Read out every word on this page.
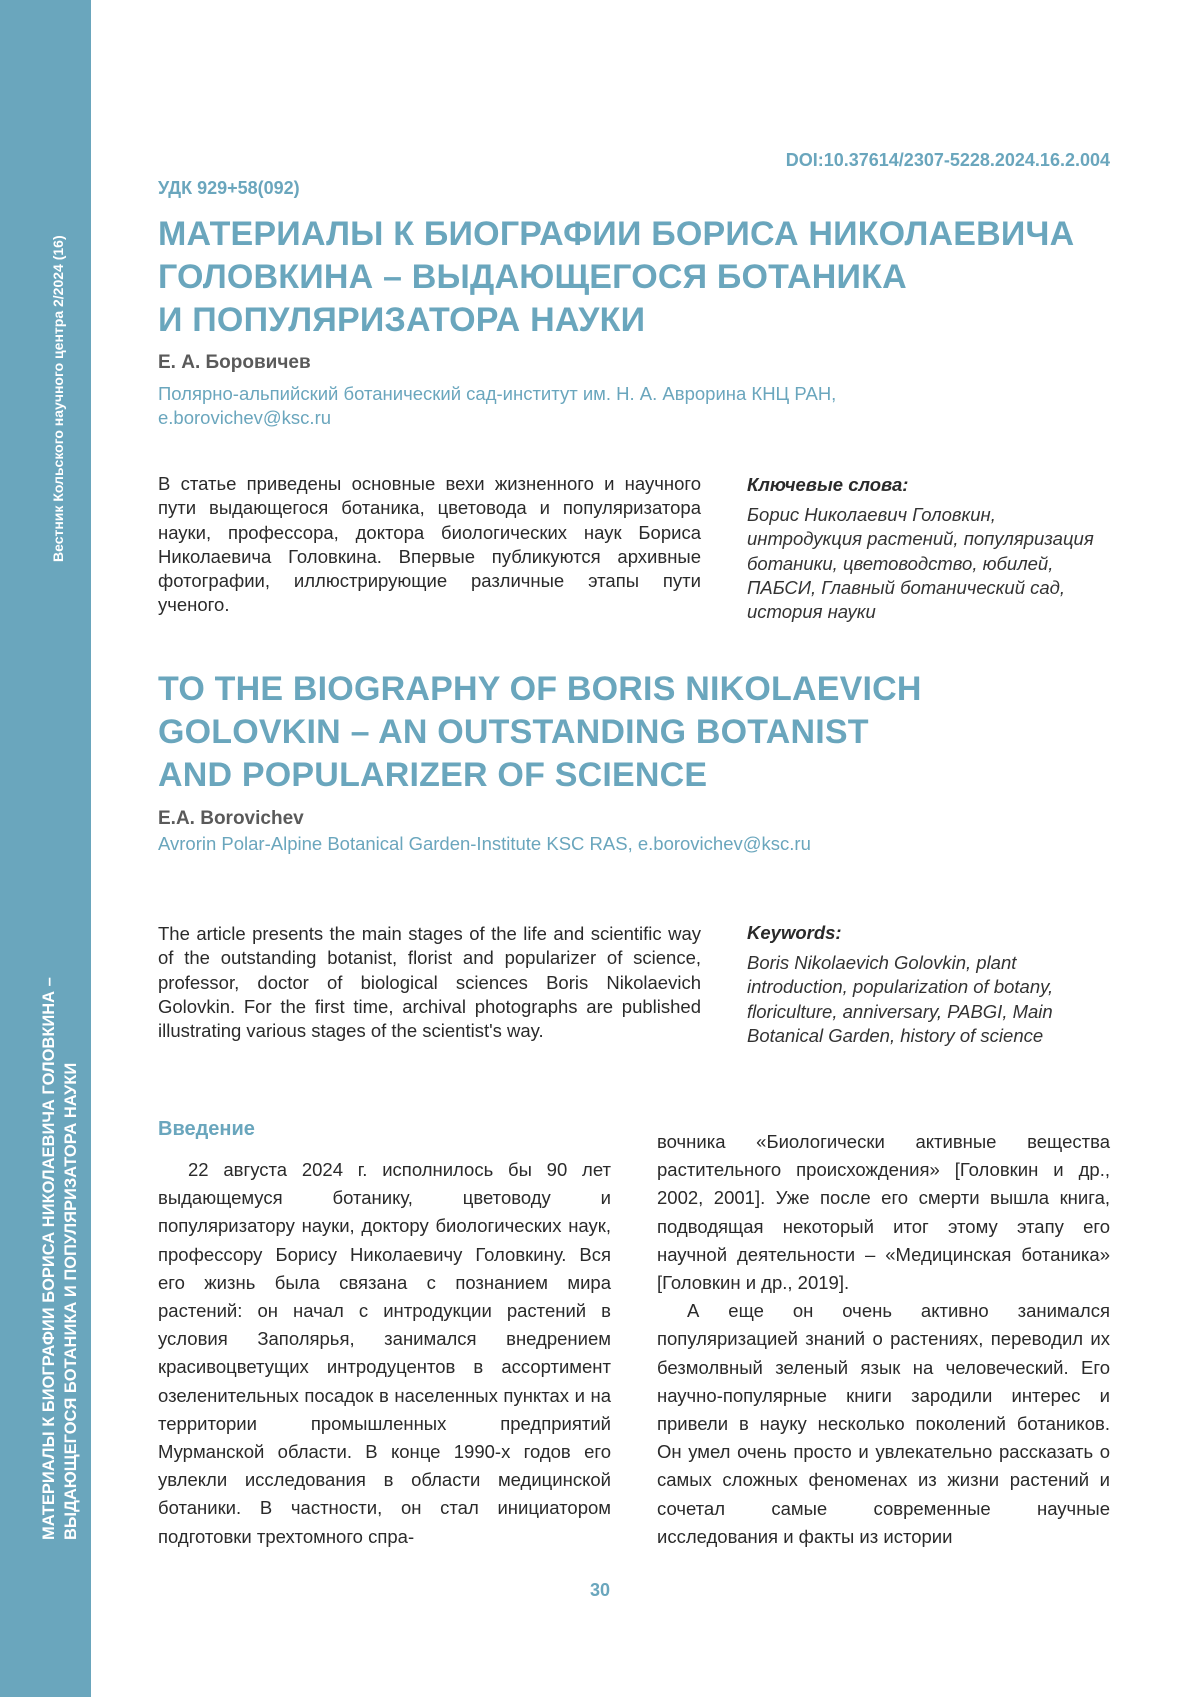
Вестник Кольского научного центра 2/2024 (16)
МАТЕРИАЛЫ К БИОГРАФИИ БОРИСА НИКОЛАЕВИЧА ГОЛОВКИНА – ВЫДАЮЩЕГОСЯ БОТАНИКА И ПОПУЛЯРИЗАТОРА НАУКИ
DOI:10.37614/2307-5228.2024.16.2.004
УДК 929+58(092)
МАТЕРИАЛЫ К БИОГРАФИИ БОРИСА НИКОЛАЕВИЧА
ГОЛОВКИНА – ВЫДАЮЩЕГОСЯ БОТАНИКА
И ПОПУЛЯРИЗАТОРА НАУКИ
Е. А. Боровичев
Полярно-альпийский ботанический сад-институт им. Н. А. Аврорина КНЦ РАН,
e.borovichev@ksc.ru
В статье приведены основные вехи жизненного и научного пути выдающегося ботаника, цветовода и популяризатора науки, профессора, доктора биологических наук Бориса Николаевича Головкина. Впервые публикуются архивные фотографии, иллюстрирующие различные этапы пути ученого.
Ключевые слова:
Борис Николаевич Головкин,
интродукция растений, популяризация
ботаники, цветоводство, юбилей,
ПАБСИ, Главный ботанический сад,
история науки
TO THE BIOGRAPHY OF BORIS NIKOLAEVICH
GOLOVKIN – AN OUTSTANDING BOTANIST
AND POPULARIZER OF SCIENCE
E.A. Borovichev
Avrorin Polar-Alpine Botanical Garden-Institute KSC RAS, e.borovichev@ksc.ru
The article presents the main stages of the life and scientific way of the outstanding botanist, florist and popularizer of science, professor, doctor of biological sciences Boris Nikolaevich Golovkin. For the first time, archival photographs are published illustrating various stages of the scientist's way.
Keywords:
Boris Nikolaevich Golovkin, plant
introduction, popularization of botany,
floriculture, anniversary, PABGI, Main
Botanical Garden, history of science
Введение

22 августа 2024 г. исполнилось бы 90 лет выдающемуся ботанику, цветоводу и популяризатору науки, доктору биологических наук, профессору Борису Николаевичу Головкину. Вся его жизнь была связана с познанием мира растений: он начал с интродукции растений в условия Заполярья, занимался внедрением красивоцветущих интродуцентов в ассортимент озеленительных посадок в населенных пунктах и на территории промышленных предприятий Мурманской области. В конце 1990-х годов его увлекли исследования в области медицинской ботаники. В частности, он стал инициатором подготовки трехтомного спра-

вочника «Биологически активные вещества растительного происхождения» [Головкин и др., 2002, 2001]. Уже после его смерти вышла книга, подводящая некоторый итог этому этапу его научной деятельности – «Медицинская ботаника» [Головкин и др., 2019].

А еще он очень активно занимался популяризацией знаний о растениях, переводил их безмолвный зеленый язык на человеческий. Его научно-популярные книги зародили интерес и привели в науку несколько поколений ботаников. Он умел очень просто и увлекательно рассказать о самых сложных феноменах из жизни растений и сочетал самые современные научные исследования и факты из истории

30
